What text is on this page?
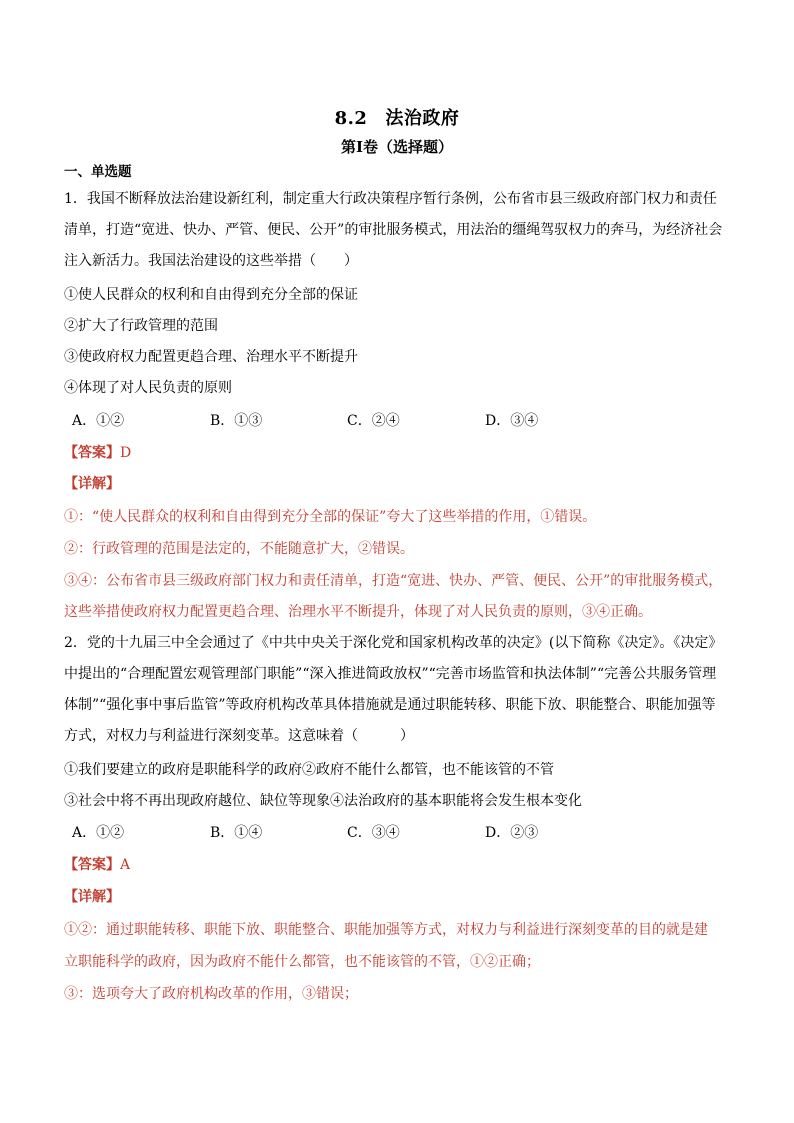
8.2 法治政府
第I卷（选择题）
一、单选题
1．我国不断释放法治建设新红利，制定重大行政决策程序暂行条例，公布省市县三级政府部门权力和责任
清单，打造“宽进、快办、严管、便民、公开”的审批服务模式，用法治的缰绳驾驭权力的奔马，为经济社会
注入新活力。我国法治建设的这些举措（　　）
①使人民群众的权利和自由得到充分全部的保证
②扩大了行政管理的范围
③使政府权力配置更趋合理、治理水平不断提升
④体现了对人民负责的原则
A．①②	B．①③	C．②④	D．③④
【答案】D
【详解】
①：“使人民群众的权利和自由得到充分全部的保证”夸大了这些举措的作用，①错误。
②：行政管理的范围是法定的，不能随意扩大，②错误。
③④：公布省市县三级政府部门权力和责任清单，打造“宽进、快办、严管、便民、公开”的审批服务模式，
这些举措使政府权力配置更趋合理、治理水平不断提升，体现了对人民负责的原则，③④正确。
2．党的十九届三中全会通过了《中共中央关于深化党和国家机构改革的决定》(以下简称《决定》。《决定》
中提出的“合理配置宏观管理部门职能”“深入推进简政放权”“完善市场监管和执法体制”“完善公共服务管理
体制”“强化事中事后监管”等政府机构改革具体措施就是通过职能转移、职能下放、职能整合、职能加强等
方式，对权力与利益进行深刻变革。这意味着（　　　）
①我们要建立的政府是职能科学的政府②政府不能什么都管，也不能该管的不管
③社会中将不再出现政府越位、缺位等现象④法治政府的基本职能将会发生根本变化
A．①②	B．①④	C．③④	D．②③
【答案】A
【详解】
①②：通过职能转移、职能下放、职能整合、职能加强等方式，对权力与利益进行深刻变革的目的就是建
立职能科学的政府，因为政府不能什么都管，也不能该管的不管，①②正确；
③：选项夸大了政府机构改革的作用，③错误；
